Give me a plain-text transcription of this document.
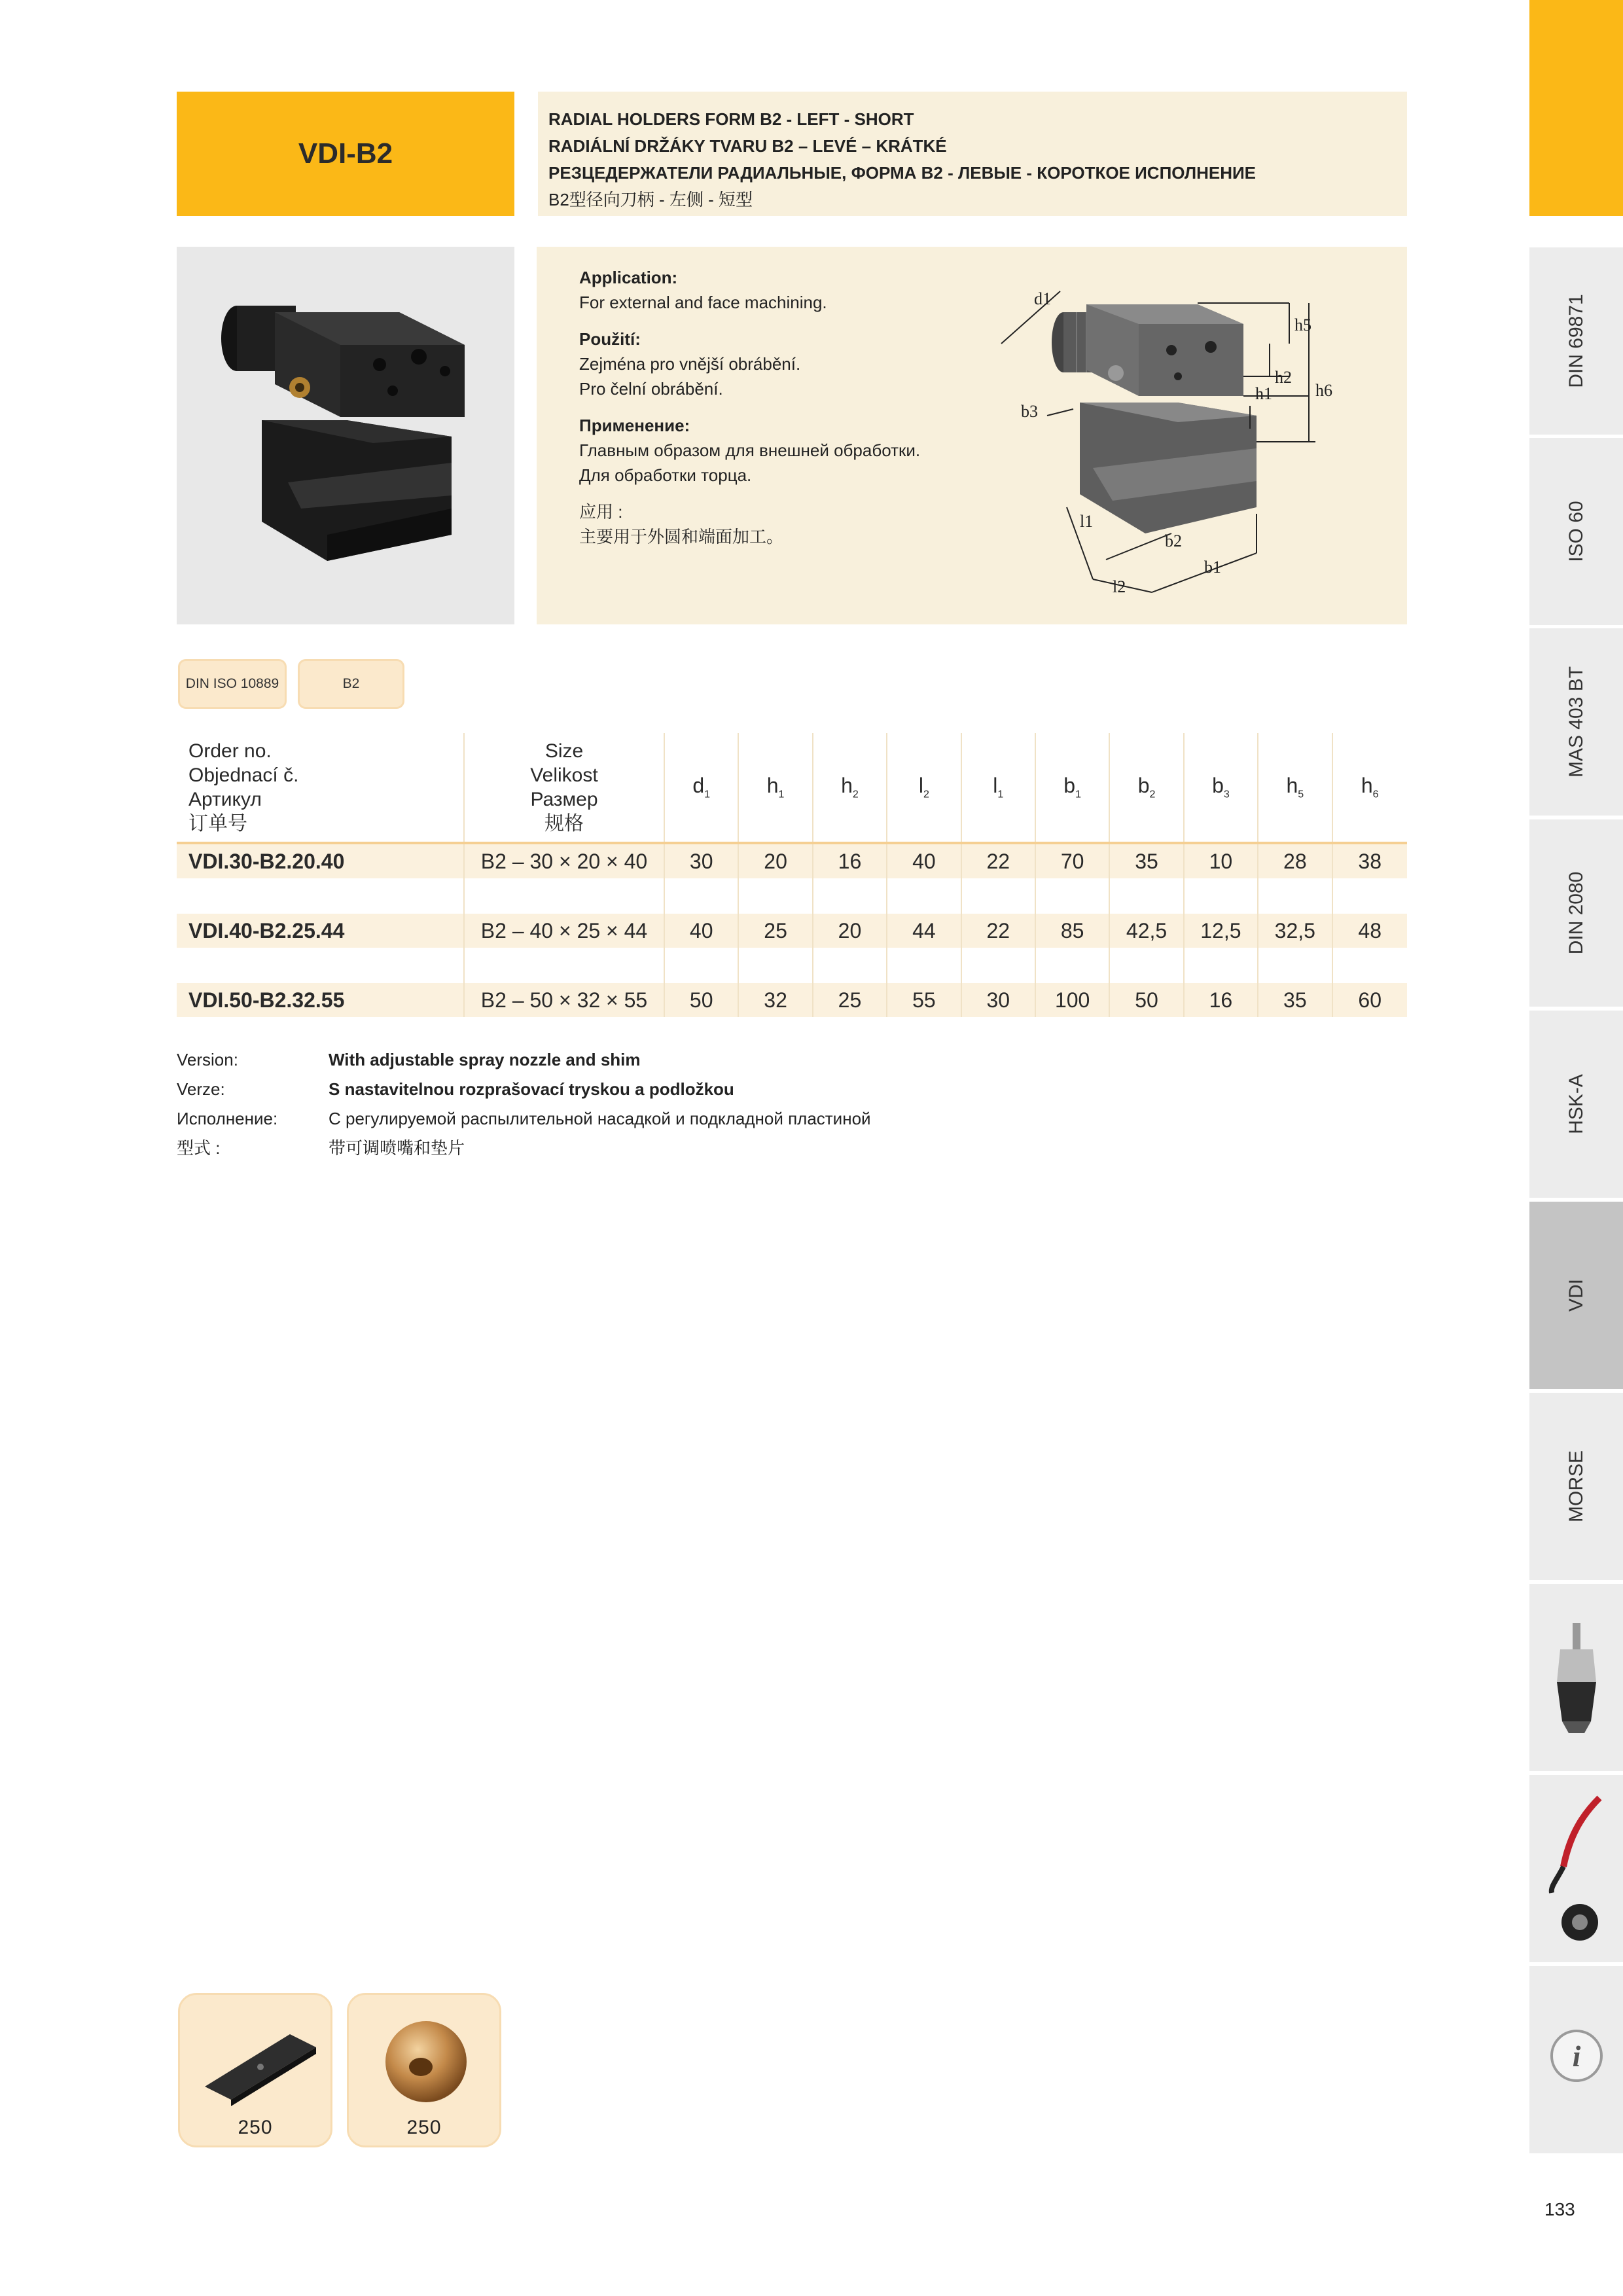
VDI-B2
RADIAL HOLDERS FORM B2 - LEFT - SHORT
RADIÁLNÍ DRŽÁKY TVARU B2 – LEVÉ – KRÁTKÉ
РЕЗЦЕДЕРЖАТЕЛИ РАДИАЛЬНЫЕ, ФОРМА B2 - ЛЕВЫЕ - КОРОТКОЕ ИСПОЛНЕНИЕ
B2型径向刀柄 - 左侧 - 短型
Application:
For external and face machining.
Použití:
Zejména pro vnější obrábění.
Pro čelní obrábění.
Применение:
Главным образом для внешней обработки.
Для обработки торца.
应用 :
主要用于外圆和端面加工。
d1
h5
h2
h6
h1
b3
l1
l2
b2
b1
DIN ISO 10889	B2
Order no.
Objednací č.
Артикул
订单号
Size
Velikost
Размер
规格
$d_1$	$h_1$	$h_2$	$l_2$	$l_1$	$b_1$	$b_2$	$b_3$	$h_5$	$h_6$
VDI.30-B2.20.40	B2 – 30 × 20 × 40	30	20	16	40	22	70	35	10	28	38
VDI.40-B2.25.44	B2 – 40 × 25 × 44	40	25	20	44	22	85	42,5	12,5	32,5	48
VDI.50-B2.32.55	B2 – 50 × 32 × 55	50	32	25	55	30	100	50	16	35	60
Version:	With adjustable spray nozzle and shim
Verze:	S nastavitelnou rozprašovací tryskou a podložkou
Исполнение:	С регулируемой распылительной насадкой и подкладной пластиной
型式 :	带可调喷嘴和垫片
250	250
DIN 69871
ISO 60
MAS 403 BT
DIN 2080
HSK-A
VDI
MORSE
i
133
